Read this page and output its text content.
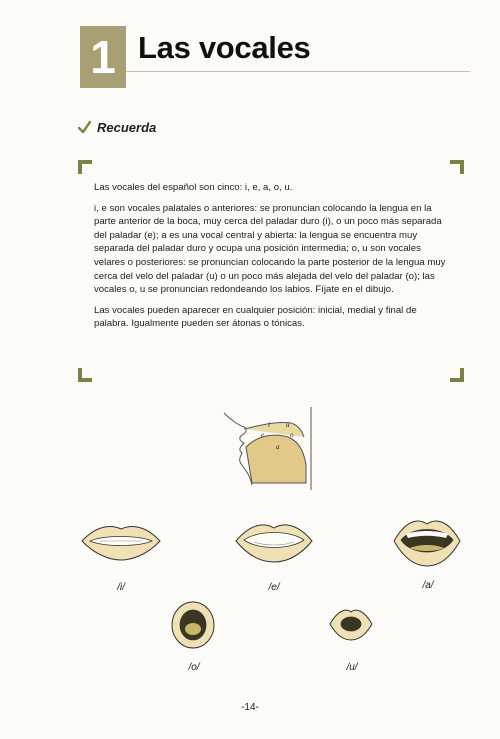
1 Las vocales
Recuerda

Las vocales del español son cinco: i, e, a, o, u.

i, e son vocales palatales o anteriores: se pronuncian colocando la lengua en la parte anterior de la boca, muy cerca del paladar duro (i), o un poco más separada del paladar (e); a es una vocal central y abierta: la lengua se encuentra muy separada del paladar duro y ocupa una posición intermedia; o, u son vocales velares o posteriores: se pronuncian colocando la parte posterior de la lengua muy cerca del velo del paladar (u) o un poco más alejada del velo del paladar (o); las vocales o, u se pronuncian redondeando los labios. Fíjate en el dibujo.

Las vocales pueden aparecer en cualquier posición: inicial, medial y final de palabra. Igualmente pueden ser átonas o tónicas.

i
e
a
o
u
/i/	/e/	/a/
/o/	/u/
-14-
